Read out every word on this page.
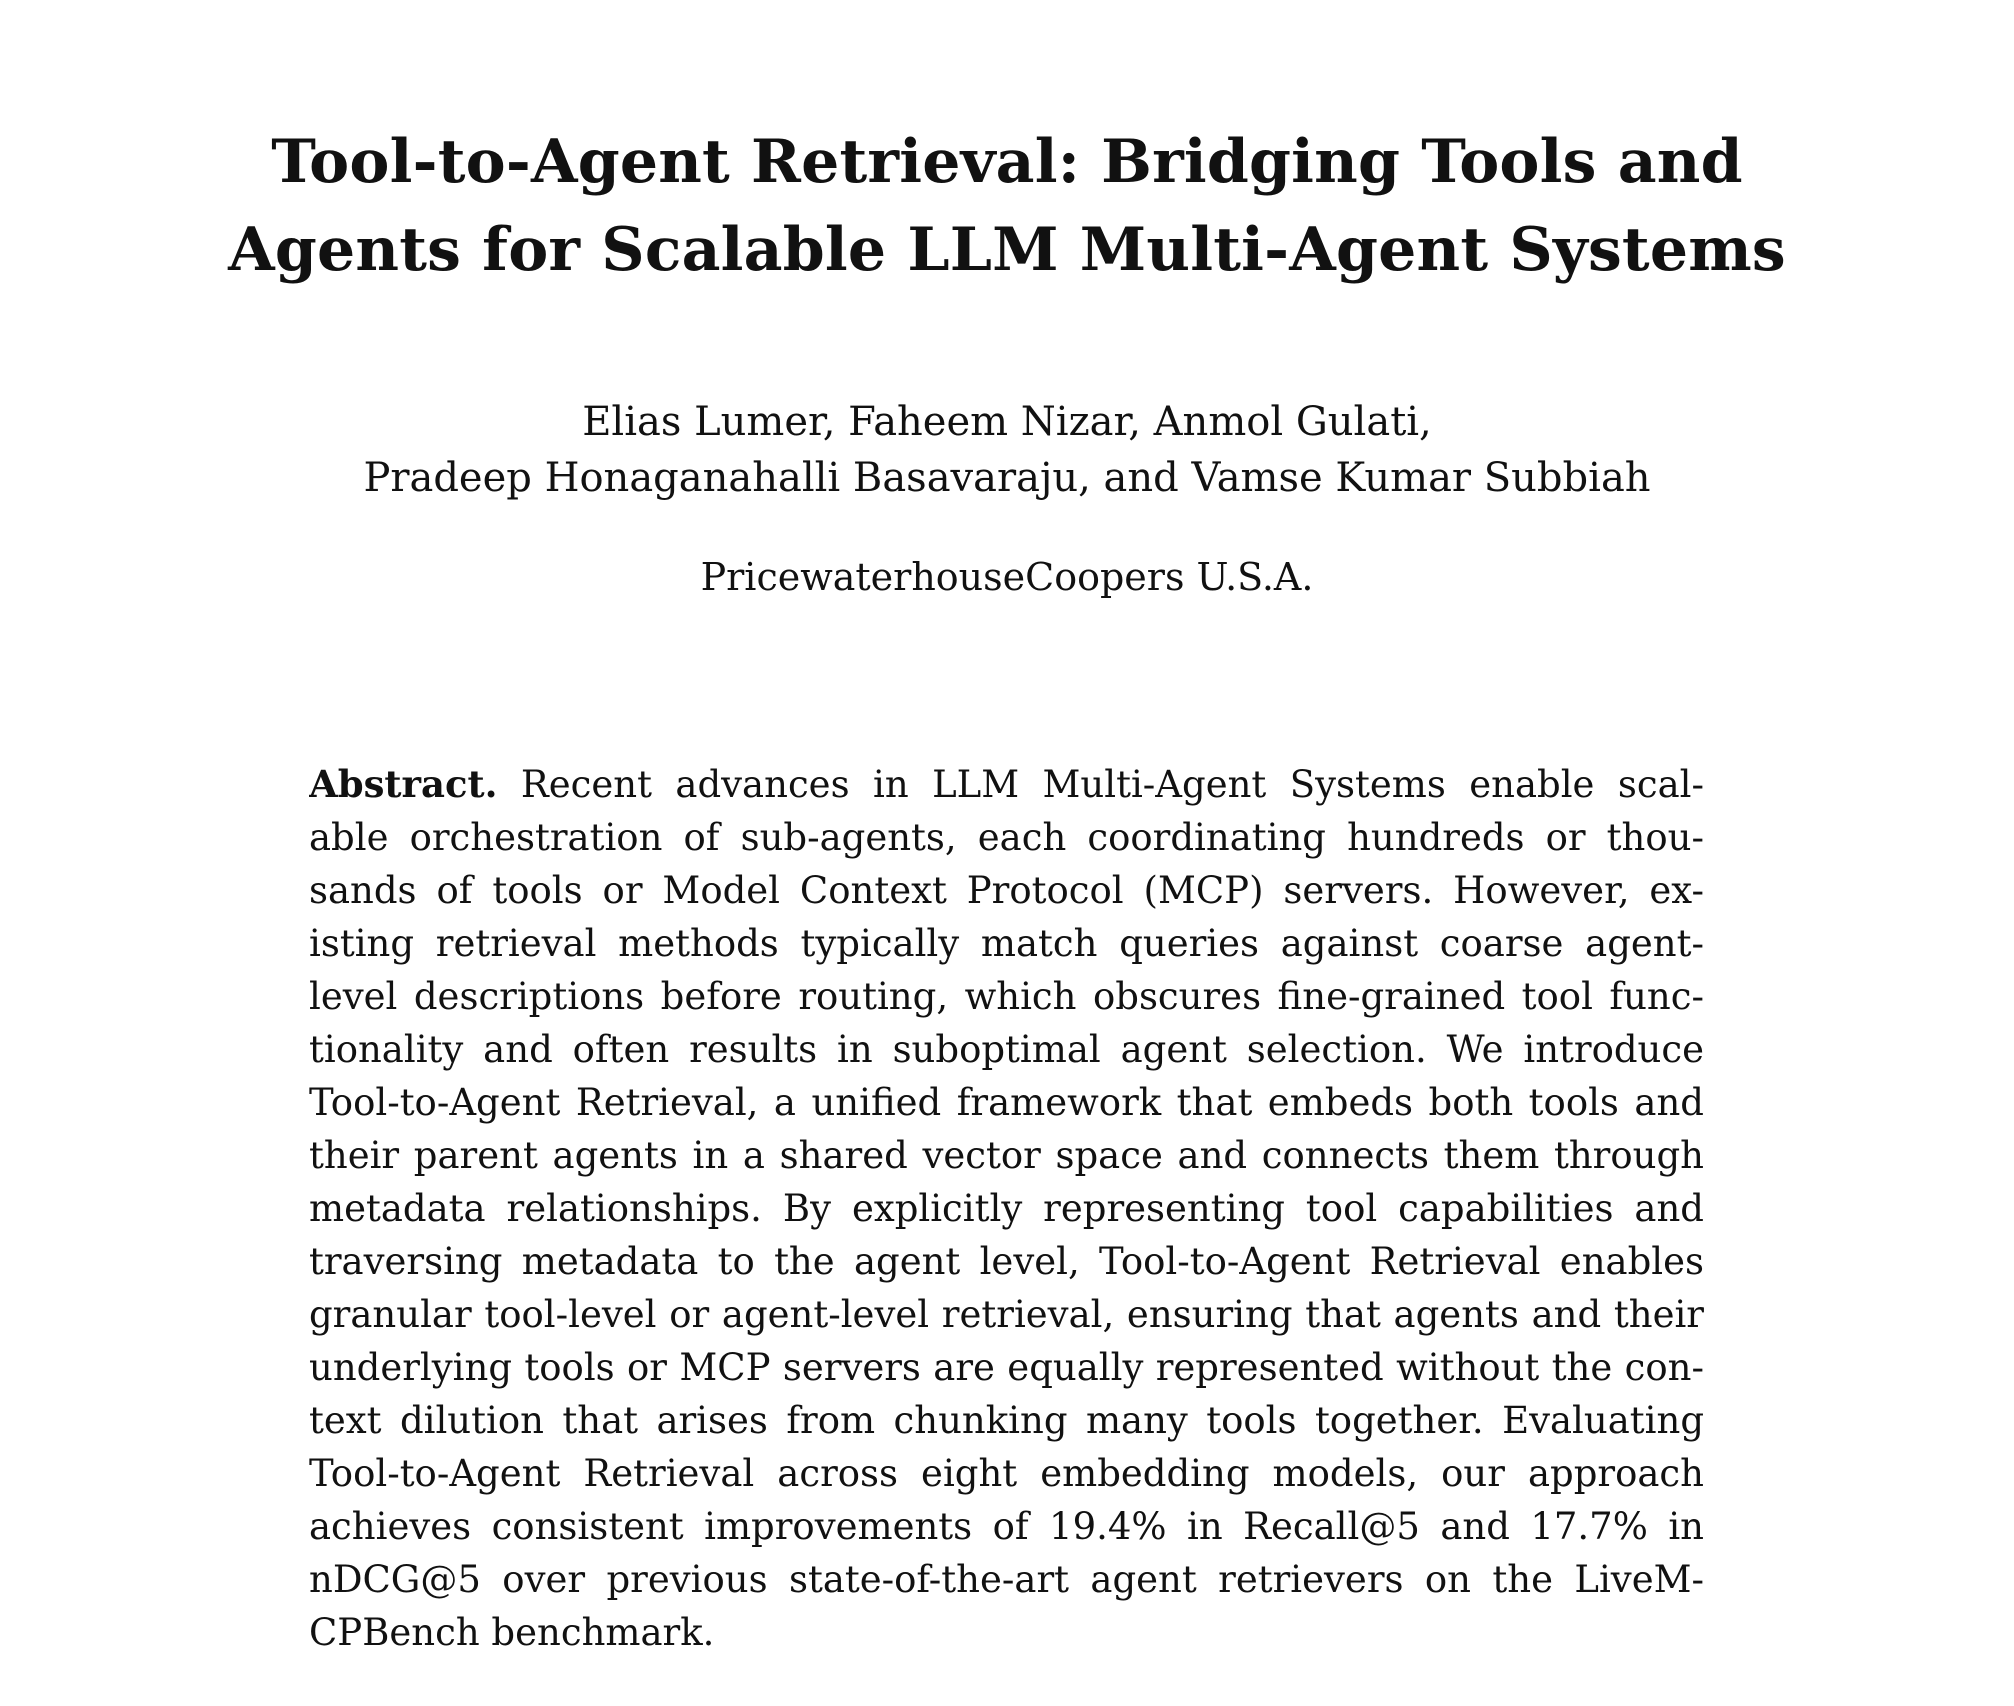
Tool-to-Agent Retrieval: Bridging Tools and
Agents for Scalable LLM Multi-Agent Systems
Elias Lumer, Faheem Nizar, Anmol Gulati,
Pradeep Honaganahalli Basavaraju, and Vamse Kumar Subbiah
PricewaterhouseCoopers U.S.A.
Abstract. Recent advances in LLM Multi-Agent Systems enable scal-
able orchestration of sub-agents, each coordinating hundreds or thou-
sands of tools or Model Context Protocol (MCP) servers. However, ex-
isting retrieval methods typically match queries against coarse agent-
level descriptions before routing, which obscures fine-grained tool func-
tionality and often results in suboptimal agent selection. We introduce
Tool-to-Agent Retrieval, a unified framework that embeds both tools and
their parent agents in a shared vector space and connects them through
metadata relationships. By explicitly representing tool capabilities and
traversing metadata to the agent level, Tool-to-Agent Retrieval enables
granular tool-level or agent-level retrieval, ensuring that agents and their
underlying tools or MCP servers are equally represented without the con-
text dilution that arises from chunking many tools together. Evaluating
Tool-to-Agent Retrieval across eight embedding models, our approach
achieves consistent improvements of 19.4% in Recall@5 and 17.7% in
nDCG@5 over previous state-of-the-art agent retrievers on the LiveM-
CPBench benchmark.
